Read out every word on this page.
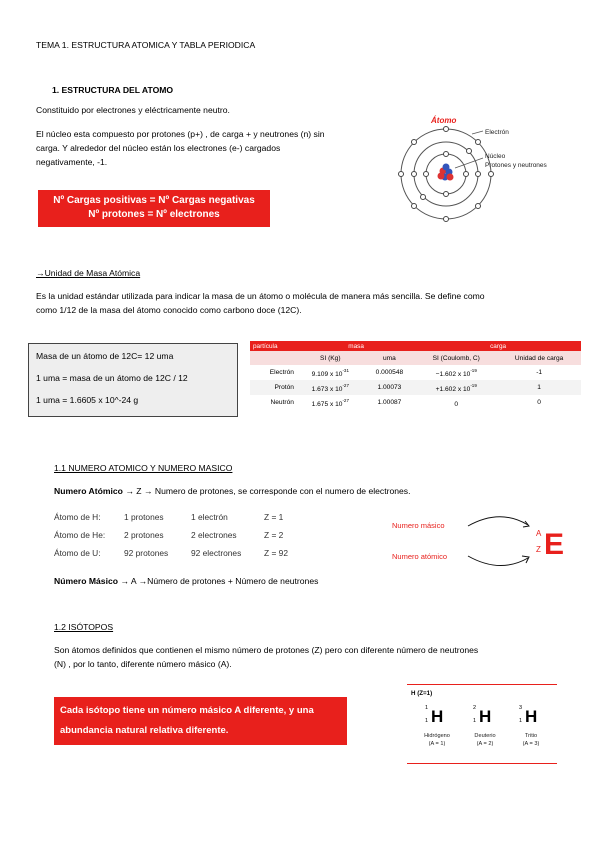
TEMA 1. ESTRUCTURA ATOMICA Y TABLA PERIODICA
1. ESTRUCTURA DEL ATOMO
Constituido por electrones y eléctricamente neutro.
El núcleo esta compuesto por protones (p+) , de carga + y neutrones (n) sin
carga. Y alrededor del núcleo están los electrones (e-) cargados
negativamente, -1.
Nº Cargas positivas = Nº Cargas negativas
Nº protones = Nº electrones
Átomo
Electrón
Núcleo
Protones y neutrones
→Unidad de Masa Atómica
Es la unidad estándar utilizada para indicar la masa de un átomo o molécula de manera más sencilla. Se define como
como 1/12 de la masa del átomo conocido como carbono doce (12C).
Masa de un átomo de 12C= 12 uma
1 uma = masa de un átomo de 12C / 12
1 uma = 1.6605 x 10^-24 g
partícula	masa		carga	
	SI (Kg)	uma	SI (Coulomb, C)	Unidad de carga
Electrón	9.109 x $10^{-31}$	0.000548	−1.602 x $10^{-19}$	-1
Protón	1.673 x $10^{-27}$	1.00073	+1.602 x $10^{-19}$	1
Neutrón	1.675 x $10^{-27}$	1.00087	0	0
1.1 NUMERO ATOMICO Y NUMERO MASICO
Numero Atómico → Z → Numero de protones, se corresponde con el numero de electrones.
Átomo de H:	1 protones	1 electrón	Z = 1
Átomo de He: 2 protones	2 electrones	Z = 2
Átomo de U:	92 protones	92 electrones	Z = 92
Numero másico
Numero atómico
A
Z E
Número Másico → A →Número de protones + Número de neutrones
1.2 ISÓTOPOS
Son átomos definidos que contienen el mismo número de protones (Z) pero con diferente número de neutrones
(N) , por lo tanto, diferente número másico (A).
Cada isótopo tiene un número másico A diferente, y una
abundancia natural relativa diferente.
H (Z=1)
1
1 H
Hidrógeno
(A = 1)
2
1 H
Deuterio
(A = 2)
3
1 H
Tritio
(A = 3)
